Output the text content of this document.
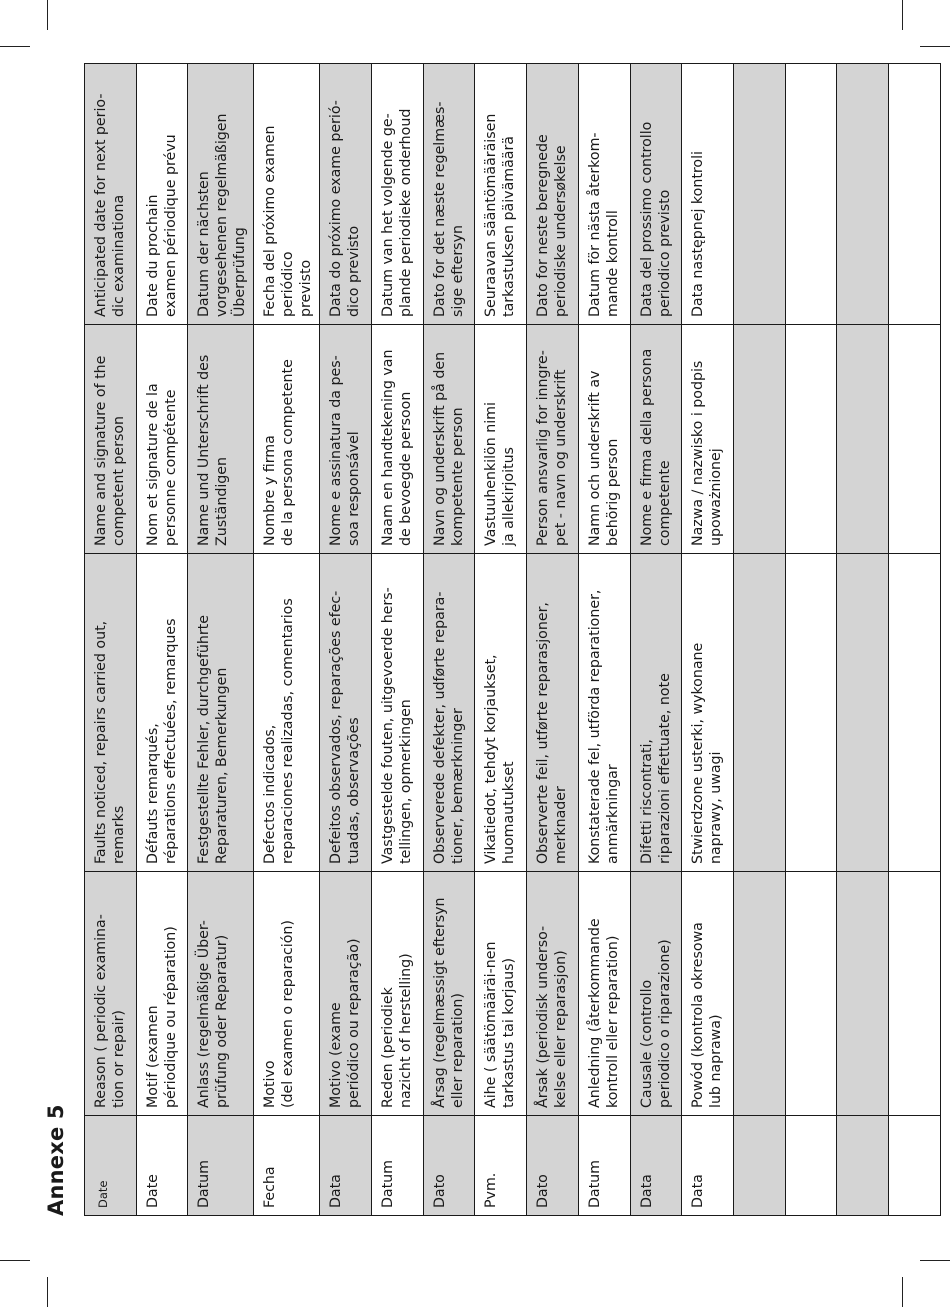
Annexe 5	Date	Reason ( periodic examina-
tion or repair)	Faults noticed, repairs carried out,
remarks	Name and signature of the
competent person	Anticipated date for next perio-
dic examinationa
Date	Motif (examen
périodique ou réparation)	Défauts remarqués,
réparations effectuées, remarques	Nom et signature de la
personne compétente	Date du prochain
examen périodique prévu
Datum	Anlass (regelmäßige Über-
prüfung oder Reparatur)	Festgestellte Fehler, durchgeführte
Reparaturen, Bemerkungen	Name und Unterschrift des
Zuständigen	Datum der nächsten
vorgesehenen regelmäßigen
Überprüfung
Fecha	Motivo
(del examen o reparación)	Defectos indicados,
reparaciones realizadas, comentarios	Nombre y firma
de la persona competente	Fecha del próximo examen
periódico
previsto
Data	Motivo (exame
periódico ou reparação)	Defeitos observados, reparações efec-
tuadas, observações	Nome e assinatura da pes-
soa responsável	Data do próximo exame perió-
dico previsto
Datum	Reden (periodiek
nazicht of herstelling)	Vastgestelde fouten, uitgevoerde hers-
tellingen, opmerkingen	Naam en handtekening van
de bevoegde persoon	Datum van het volgende ge-
plande periodieke onderhoud
Dato	Årsag (regelmæssigt eftersyn
eller reparation)	Observerede defekter, udførte repara-
tioner, bemærkninger	Navn og underskrift på den
kompetente person	Dato for det næste regelmæs-
sige eftersyn
Pvm.	Aihe ( säätömääräi-nen
tarkastus tai korjaus)	Vikatiedot, tehdyt korjaukset,
huomautukset	Vastuuhenkilön nimi
ja allekirjoitus	Seuraavan sääntömääräisen
tarkastuksen päivämäärä
Dato	Årsak (periodisk underso-
kelse eller reparasjon)	Observerte feil, utførte reparasjoner,
merknader	Person ansvarlig for inngre-
pet - navn og underskrift	Dato for neste beregnede
periodiske undersøkelse
Datum	Anledning (återkommande
kontroll eller reparation)	Konstaterade fel, utförda reparationer,
anmärkningar	Namn och underskrift av
behörig person	Datum för nästa återkom-
mande kontroll
Data	Causale (controllo
periodico o riparazione)	Difetti riscontrati,
riparazioni effettuate, note	Nome e firma della persona
competente	Data del prossimo controllo
periodico previsto
Data	Powód (kontrola okresowa
lub naprawa)	Stwierdzone usterki, wykonane
naprawy, uwagi	Nazwa / nazwisko i podpis
upoważnionej	Data następnej kontroli
